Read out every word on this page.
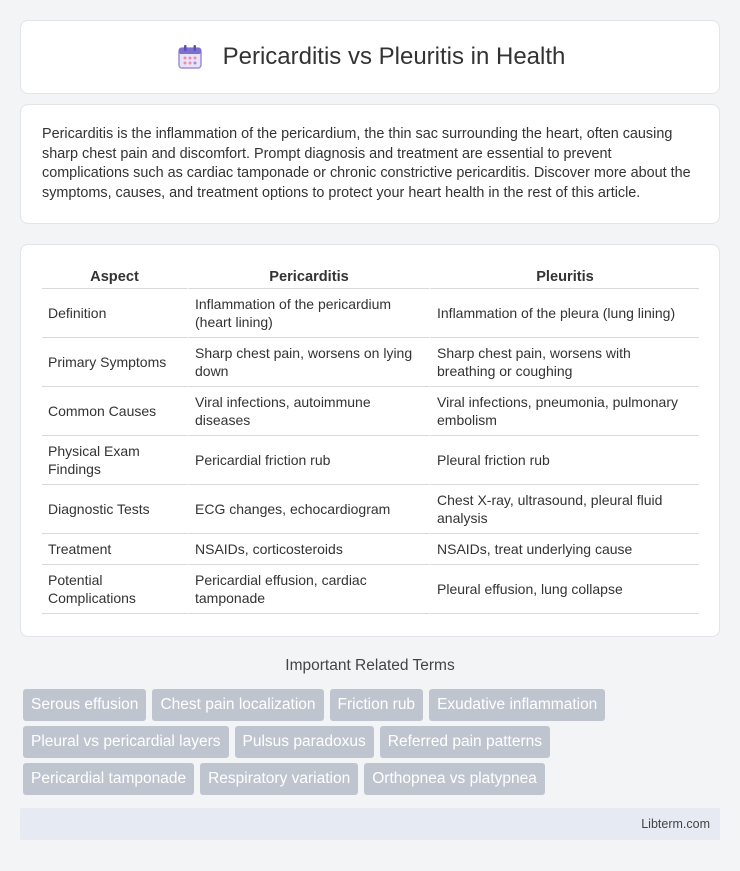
Pericarditis vs Pleuritis in Health

Pericarditis is the inflammation of the pericardium, the thin sac surrounding the heart, often causing sharp chest pain and discomfort. Prompt diagnosis and treatment are essential to prevent complications such as cardiac tamponade or chronic constrictive pericarditis. Discover more about the symptoms, causes, and treatment options to protect your heart health in the rest of this article.

Aspect	Pericarditis	Pleuritis
Definition	Inflammation of the pericardium (heart lining)	Inflammation of the pleura (lung lining)
Primary Symptoms	Sharp chest pain, worsens on lying down	Sharp chest pain, worsens with breathing or coughing
Common Causes	Viral infections, autoimmune diseases	Viral infections, pneumonia, pulmonary embolism
Physical Exam Findings	Pericardial friction rub	Pleural friction rub
Diagnostic Tests	ECG changes, echocardiogram	Chest X-ray, ultrasound, pleural fluid analysis
Treatment	NSAIDs, corticosteroids	NSAIDs, treat underlying cause
Potential Complications	Pericardial effusion, cardiac tamponade	Pleural effusion, lung collapse
Important Related Terms
Serous effusion	Chest pain localization	Friction rub	Exudative inflammation
Pleural vs pericardial layers	Pulsus paradoxus	Referred pain patterns
Pericardial tamponade	Respiratory variation	Orthopnea vs platypnea
Libterm.com
